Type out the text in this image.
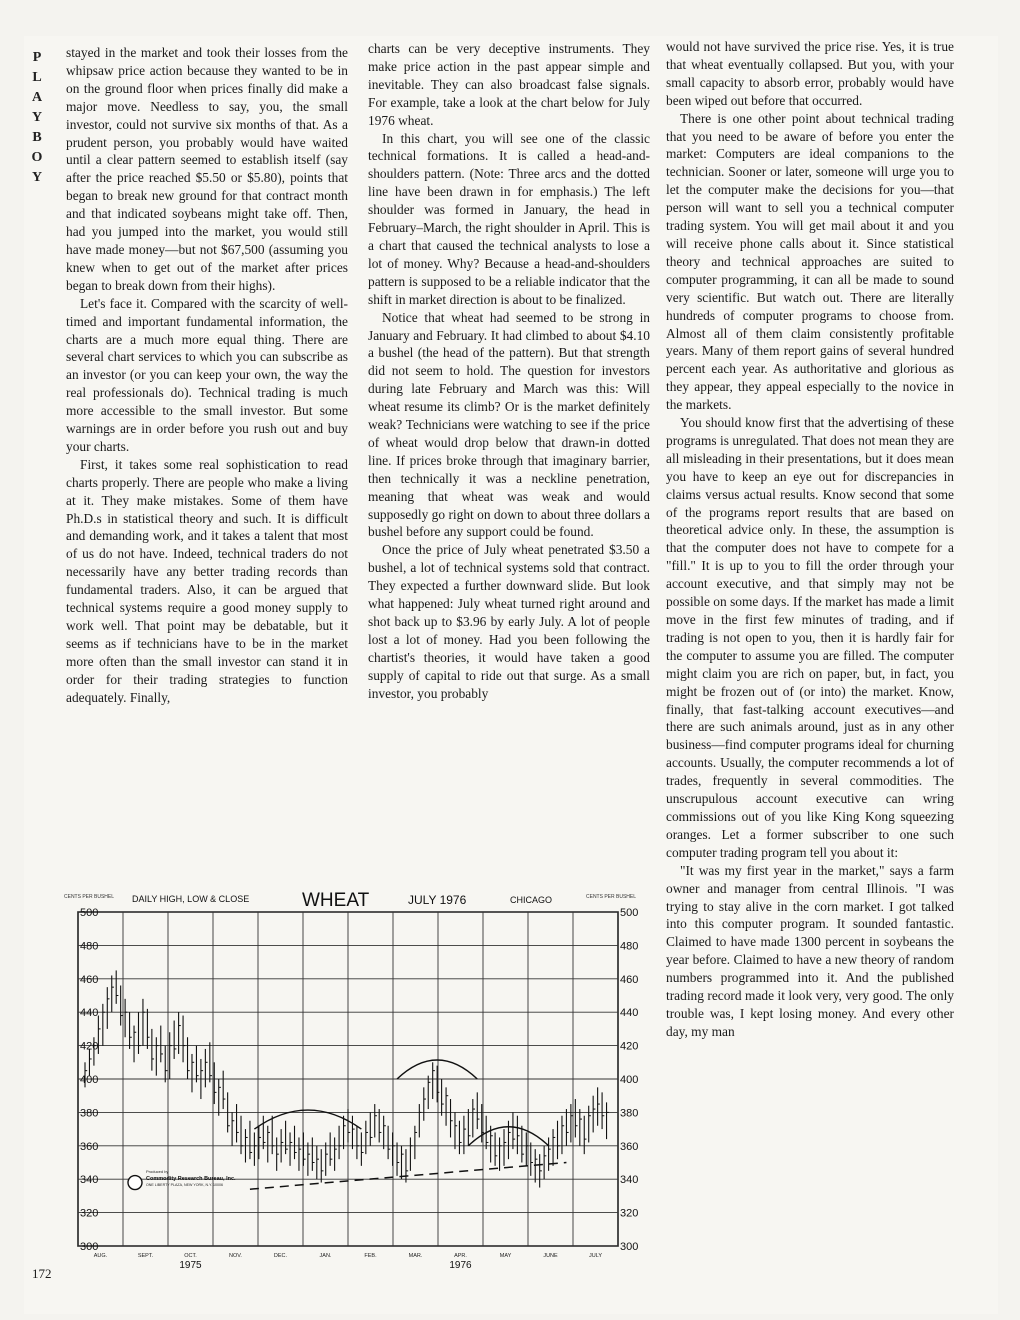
P
L
A
Y
B
O
Y

stayed in the market and took their losses from the whipsaw price action because they wanted to be in on the ground floor when prices finally did make a major move. Needless to say, you, the small investor, could not survive six months of that. As a prudent person, you probably would have waited until a clear pattern seemed to establish itself (say after the price reached $5.50 or $5.80), points that began to break new ground for that contract month and that indicated soybeans might take off. Then, had you jumped into the market, you would still have made money—but not $67,500 (assuming you knew when to get out of the market after prices began to break down from their highs).

Let's face it. Compared with the scarcity of well-timed and important fundamental information, the charts are a much more equal thing. There are several chart services to which you can subscribe as an investor (or you can keep your own, the way the real professionals do). Technical trading is much more accessible to the small investor. But some warnings are in order before you rush out and buy your charts.

First, it takes some real sophistication to read charts properly. There are people who make a living at it. They make mistakes. Some of them have Ph.D.s in statistical theory and such. It is difficult and demanding work, and it takes a talent that most of us do not have. Indeed, technical traders do not necessarily have any better trading records than fundamental traders. Also, it can be argued that technical systems require a good money supply to work well. That point may be debatable, but it seems as if technicians have to be in the market more often than the small investor can stand it in order for their trading strategies to function adequately. Finally,

charts can be very deceptive instruments. They make price action in the past appear simple and inevitable. They can also broadcast false signals. For example, take a look at the chart below for July 1976 wheat.

In this chart, you will see one of the classic technical formations. It is called a head-and-shoulders pattern. (Note: Three arcs and the dotted line have been drawn in for emphasis.) The left shoulder was formed in January, the head in February–March, the right shoulder in April. This is a chart that caused the technical analysts to lose a lot of money. Why? Because a head-and-shoulders pattern is supposed to be a reliable indicator that the shift in market direction is about to be finalized.

Notice that wheat had seemed to be strong in January and February. It had climbed to about $4.10 a bushel (the head of the pattern). But that strength did not seem to hold. The question for investors during late February and March was this: Will wheat resume its climb? Or is the market definitely weak? Technicians were watching to see if the price of wheat would drop below that drawn-in dotted line. If prices broke through that imaginary barrier, then technically it was a neckline penetration, meaning that wheat was weak and would supposedly go right on down to about three dollars a bushel before any support could be found.

Once the price of July wheat penetrated $3.50 a bushel, a lot of technical systems sold that contract. They expected a further downward slide. But look what happened: July wheat turned right around and shot back up to $3.96 by early July. A lot of people lost a lot of money. Had you been following the chartist's theories, it would have taken a good supply of capital to ride out that surge. As a small investor, you probably

would not have survived the price rise. Yes, it is true that wheat eventually collapsed. But you, with your small capacity to absorb error, probably would have been wiped out before that occurred.

There is one other point about technical trading that you need to be aware of before you enter the market: Computers are ideal companions to the technician. Sooner or later, someone will urge you to let the computer make the decisions for you—that person will want to sell you a technical computer trading system. You will get mail about it and you will receive phone calls about it. Since statistical theory and technical approaches are suited to computer programming, it can all be made to sound very scientific. But watch out. There are literally hundreds of computer programs to choose from. Almost all of them claim consistently profitable years. Many of them report gains of several hundred percent each year. As authoritative and glorious as they appear, they appeal especially to the novice in the markets.

You should know first that the advertising of these programs is unregulated. That does not mean they are all misleading in their presentations, but it does mean you have to keep an eye out for discrepancies in claims versus actual results. Know second that some of the programs report results that are based on theoretical advice only. In these, the assumption is that the computer does not have to compete for a "fill." It is up to you to fill the order through your account executive, and that simply may not be possible on some days. If the market has made a limit move in the first few minutes of trading, and if trading is not open to you, then it is hardly fair for the computer to assume you are filled. The computer might claim you are rich on paper, but, in fact, you might be frozen out of (or into) the market. Know, finally, that fast-talking account executives—and there are such animals around, just as in any other business—find computer programs ideal for churning accounts. Usually, the computer recommends a lot of trades, frequently in several commodities. The unscrupulous account executive can wring commissions out of you like King Kong squeezing oranges. Let a former subscriber to one such computer trading program tell you about it:

"It was my first year in the market," says a farm owner and manager from central Illinois. "I was trying to stay alive in the corn market. I got talked into this computer program. It sounded fantastic. Claimed to have made 1300 percent in soybeans the year before. Claimed to have a new theory of random numbers programmed into it. And the published trading record made it look very, very good. The only trouble was, I kept losing money. And every other day, my man

300	300
320	320
340	340
360	360
380	380
400	400
420	420
440	440
460	460
480	480
500	500
CENTS PER BUSHEL DAILY HIGH, LOW & CLOSE	WHEAT	JULY 1976	CHICAGO	CENTS PER BUSHEL
AUG.	SEPT.	OCT.	NOV.	DEC.	JAN.	FEB.	MAR.	APR.	MAY	JUNE	JULY
1975	1976
Produced by
Commodity Research Bureau, Inc.
ONE LIBERTY PLAZA, NEW YORK, N.Y. 10006
172
